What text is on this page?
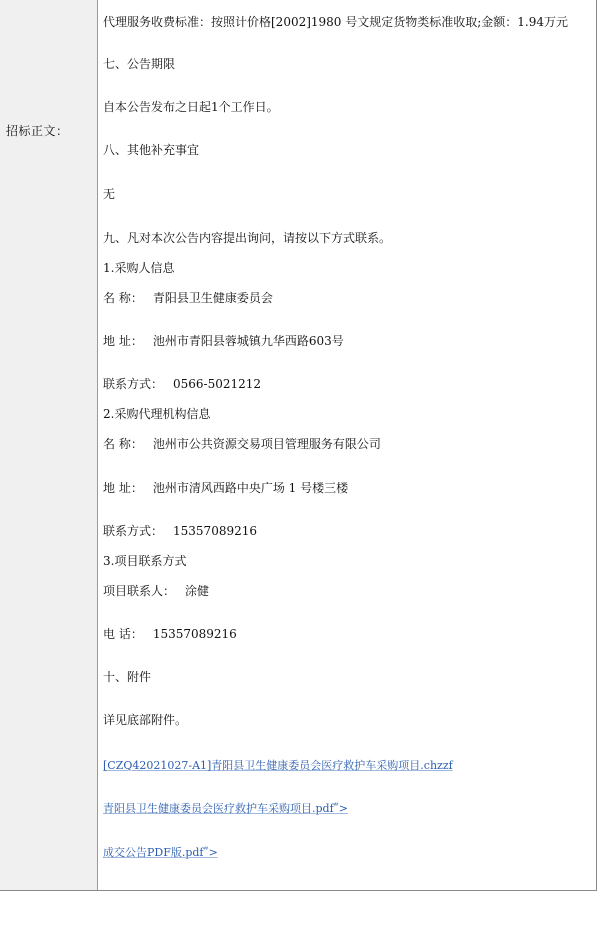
招标正文：
代理服务收费标准：按照计价格[2002]1980 号文规定货物类标准收取;金额：1.94万元
七、公告期限
自本公告发布之日起1个工作日。
八、其他补充事宜
无
九、凡对本次公告内容提出询问，请按以下方式联系。
1.采购人信息
名 称： 青阳县卫生健康委员会
地 址： 池州市青阳县蓉城镇九华西路603号
联系方式： 0566-5021212
2.采购代理机构信息
名 称： 池州市公共资源交易项目管理服务有限公司
地 址： 池州市清风西路中央广场 1 号楼三楼
联系方式： 15357089216
3.项目联系方式
项目联系人： 涂健
电 话： 15357089216
十、附件
详见底部附件。
[CZQ42021027-A1]青阳县卫生健康委员会医疗救护车采购项目.chzzf
青阳县卫生健康委员会医疗救护车采购项目.pdfʺ>
成交公告PDF版.pdfʺ>
